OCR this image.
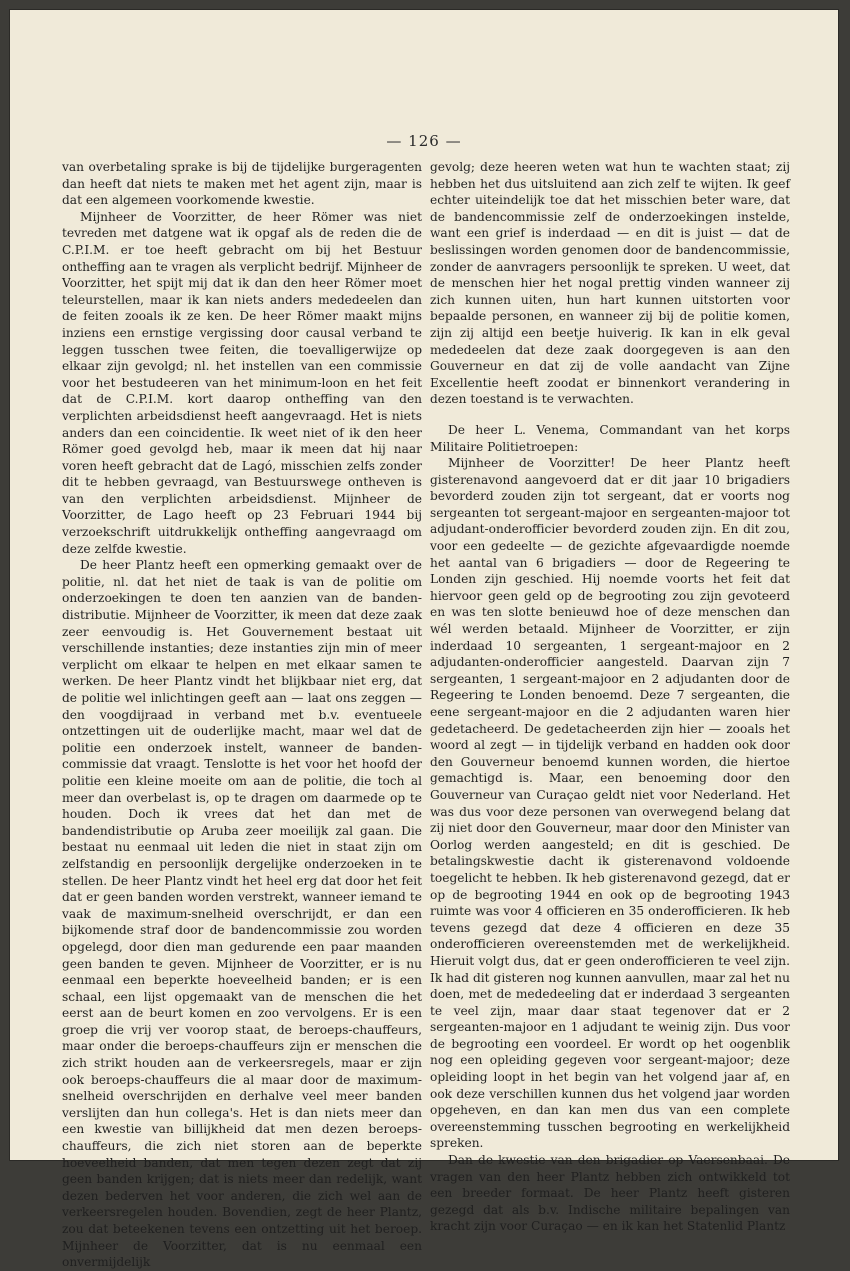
— 126 —

van overbetaling sprake is bij de tijdelijke burgeragenten dan heeft dat niets te maken met het agent zijn, maar is dat een algemeen voorkomende kwestie.

Mijnheer de Voorzitter, de heer Römer was niet tevreden met datgene wat ik opgaf als de reden die de C.P.I.M. er toe heeft gebracht om bij het Bestuur ontheffing aan te vragen als verplicht bedrijf. Mijnheer de Voorzitter, het spijt mij dat ik dan den heer Römer moet teleurstellen, maar ik kan niets anders mededeelen dan de feiten zooals ik ze ken. De heer Römer maakt mijns inziens een ernstige vergissing door causal verband te leggen tusschen twee feiten, die toevalligerwijze op elkaar zijn gevolgd; nl. het instellen van een commissie voor het bestudeeren van het minimum-loon en het feit dat de C.P.I.M. kort daarop ontheffing van den verplichten arbeidsdienst heeft aangevraagd. Het is niets anders dan een coincidentie. Ik weet niet of ik den heer Römer goed gevolgd heb, maar ik meen dat hij naar voren heeft gebracht dat de Lagó, misschien zelfs zonder dit te hebben gevraagd, van Bestuurswege ontheven is van den verplichten arbeidsdienst. Mijnheer de Voorzitter, de Lago heeft op 23 Februari 1944 bij verzoekschrift uitdrukkelijk ontheffing aangevraagd om deze zelfde kwestie.

De heer Plantz heeft een opmerking gemaakt over de politie, nl. dat het niet de taak is van de politie om onderzoekingen te doen ten aanzien van de banden-distributie. Mijnheer de Voorzitter, ik meen dat deze zaak zeer eenvoudig is. Het Gouvernement bestaat uit verschillende instanties; deze instanties zijn min of meer verplicht om elkaar te helpen en met elkaar samen te werken. De heer Plantz vindt het blijkbaar niet erg, dat de politie wel inlichtingen geeft aan — laat ons zeggen — den voogdijraad in verband met b.v. eventueele ontzettingen uit de ouderlijke macht, maar wel dat de politie een onderzoek instelt, wanneer de banden-commissie dat vraagt. Tenslotte is het voor het hoofd der politie een kleine moeite om aan de politie, die toch al meer dan overbelast is, op te dragen om daarmede op te houden. Doch ik vrees dat het dan met de bandendistributie op Aruba zeer moeilijk zal gaan. Die bestaat nu eenmaal uit leden die niet in staat zijn om zelfstandig en persoonlijk dergelijke onderzoeken in te stellen. De heer Plantz vindt het heel erg dat door het feit dat er geen banden worden verstrekt, wanneer iemand te vaak de maximum-snelheid overschrijdt, er dan een bijkomende straf door de bandencommissie zou worden opgelegd, door dien man gedurende een paar maanden geen banden te geven. Mijnheer de Voorzitter, er is nu eenmaal een beperkte hoeveelheid banden; er is een schaal, een lijst opgemaakt van de menschen die het eerst aan de beurt komen en zoo vervolgens. Er is een groep die vrij ver voorop staat, de beroeps-chauffeurs, maar onder die beroeps-chauffeurs zijn er menschen die zich strikt houden aan de verkeersregels, maar er zijn ook beroeps-chauffeurs die al maar door de maximum-snelheid overschrijden en derhalve veel meer banden verslijten dan hun collega's. Het is dan niets meer dan een kwestie van billijkheid dat men dezen beroeps-chauffeurs, die zich niet storen aan de beperkte hoeveelheid banden, dat men tegen dezen zegt dat zij geen banden krijgen; dat is niets meer dan redelijk, want dezen bederven het voor anderen, die zich wel aan de verkeersregelen houden. Bovendien, zegt de heer Plantz, zou dat beteekenen tevens een ontzetting uit het beroep. Mijnheer de Voorzitter, dat is nu eenmaal een onvermijdelijk

gevolg; deze heeren weten wat hun te wachten staat; zij hebben het dus uitsluitend aan zich zelf te wijten. Ik geef echter uiteindelijk toe dat het misschien beter ware, dat de bandencommissie zelf de onderzoekingen instelde, want een grief is inderdaad — en dit is juist — dat de beslissingen worden genomen door de bandencommissie, zonder de aanvragers persoonlijk te spreken. U weet, dat de menschen hier het nogal prettig vinden wanneer zij zich kunnen uiten, hun hart kunnen uitstorten voor bepaalde personen, en wanneer zij bij de politie komen, zijn zij altijd een beetje huiverig. Ik kan in elk geval mededeelen dat deze zaak doorgegeven is aan den Gouverneur en dat zij de volle aandacht van Zijne Excellentie heeft zoodat er binnenkort verandering in dezen toestand is te verwachten.

De heer L. Venema, Commandant van het korps Militaire Politietroepen:

Mijnheer de Voorzitter! De heer Plantz heeft gisterenavond aangevoerd dat er dit jaar 10 brigadiers bevorderd zouden zijn tot sergeant, dat er voorts nog sergeanten tot sergeant-majoor en sergeanten-majoor tot adjudant-onderofficier bevorderd zouden zijn. En dit zou, voor een gedeelte — de gezichte afgevaardigde noemde het aantal van 6 brigadiers — door de Regeering te Londen zijn geschied. Hij noemde voorts het feit dat hiervoor geen geld op de begrooting zou zijn gevoteerd en was ten slotte benieuwd hoe of deze menschen dan wél werden betaald. Mijnheer de Voorzitter, er zijn inderdaad 10 sergeanten, 1 sergeant-majoor en 2 adjudanten-onderofficier aangesteld. Daarvan zijn 7 sergeanten, 1 sergeant-majoor en 2 adjudanten door de Regeering te Londen benoemd. Deze 7 sergeanten, die eene sergeant-majoor en die 2 adjudanten waren hier gedetacheerd. De gedetacheerden zijn hier — zooals het woord al zegt — in tijdelijk verband en hadden ook door den Gouverneur benoemd kunnen worden, die hiertoe gemachtigd is. Maar, een benoeming door den Gouverneur van Curaçao geldt niet voor Nederland. Het was dus voor deze personen van overwegend belang dat zij niet door den Gouverneur, maar door den Minister van Oorlog werden aangesteld; en dit is geschied. De betalingskwestie dacht ik gisterenavond voldoende toegelicht te hebben. Ik heb gisterenavond gezegd, dat er op de begrooting 1944 en ook op de begrooting 1943 ruimte was voor 4 officieren en 35 onderofficieren. Ik heb tevens gezegd dat deze 4 officieren en deze 35 onderofficieren overeenstemden met de werkelijkheid. Hieruit volgt dus, dat er geen onderofficieren te veel zijn. Ik had dit gisteren nog kunnen aanvullen, maar zal het nu doen, met de mededeeling dat er inderdaad 3 sergeanten te veel zijn, maar daar staat tegenover dat er 2 sergeanten-majoor en 1 adjudant te weinig zijn. Dus voor de begrooting een voordeel. Er wordt op het oogenblik nog een opleiding gegeven voor sergeant-majoor; deze opleiding loopt in het begin van het volgend jaar af, en ook deze verschillen kunnen dus het volgend jaar worden opgeheven, en dan kan men dus van een complete overeenstemming tusschen begrooting en werkelijkheid spreken.

Dan de kwestie van den brigadier op Vaersenbaai. De vragen van den heer Plantz hebben zich ontwikkeld tot een breeder formaat. De heer Plantz heeft gisteren gezegd dat als b.v. Indische militaire bepalingen van kracht zijn voor Curaçao — en ik kan het Statenlid Plantz
